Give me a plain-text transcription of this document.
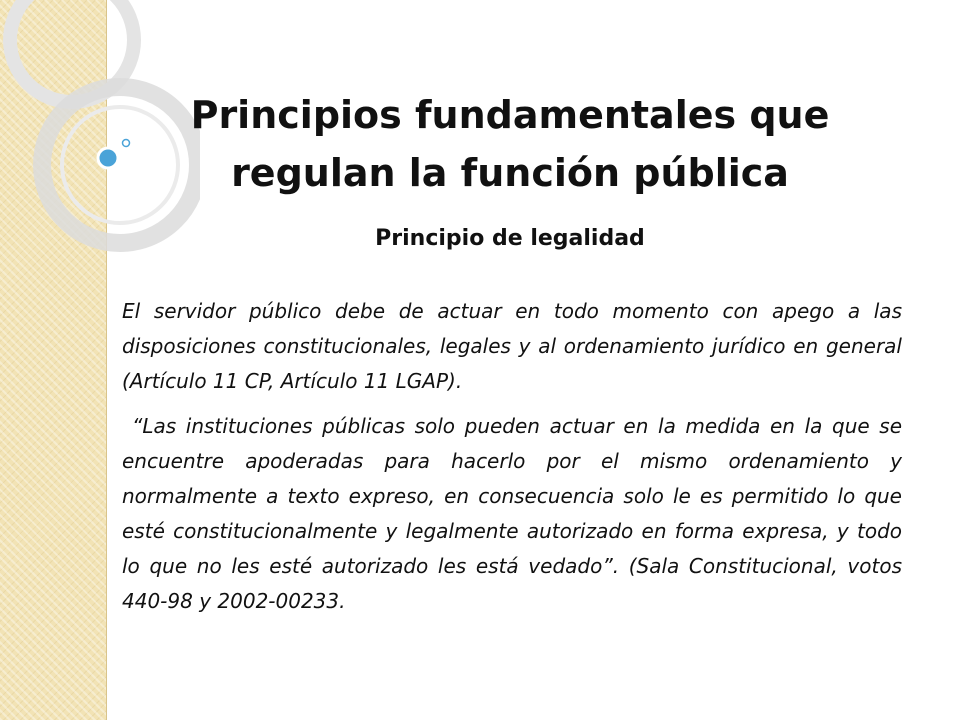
Principios fundamentales que
regulan la función pública
Principio de legalidad

El servidor público debe de actuar en todo momento con apego a las disposiciones constitucionales, legales y al ordenamiento jurídico en general (Artículo 11 CP, Artículo 11 LGAP).

“Las instituciones públicas solo pueden actuar en la medida en la que se encuentre apoderadas para hacerlo por el mismo ordenamiento y normalmente a texto expreso, en consecuencia solo le es permitido lo que esté constitucionalmente y legalmente autorizado en forma expresa, y todo lo que no les esté autorizado les está vedado”. (Sala Constitucional, votos 440-98 y 2002-00233.
